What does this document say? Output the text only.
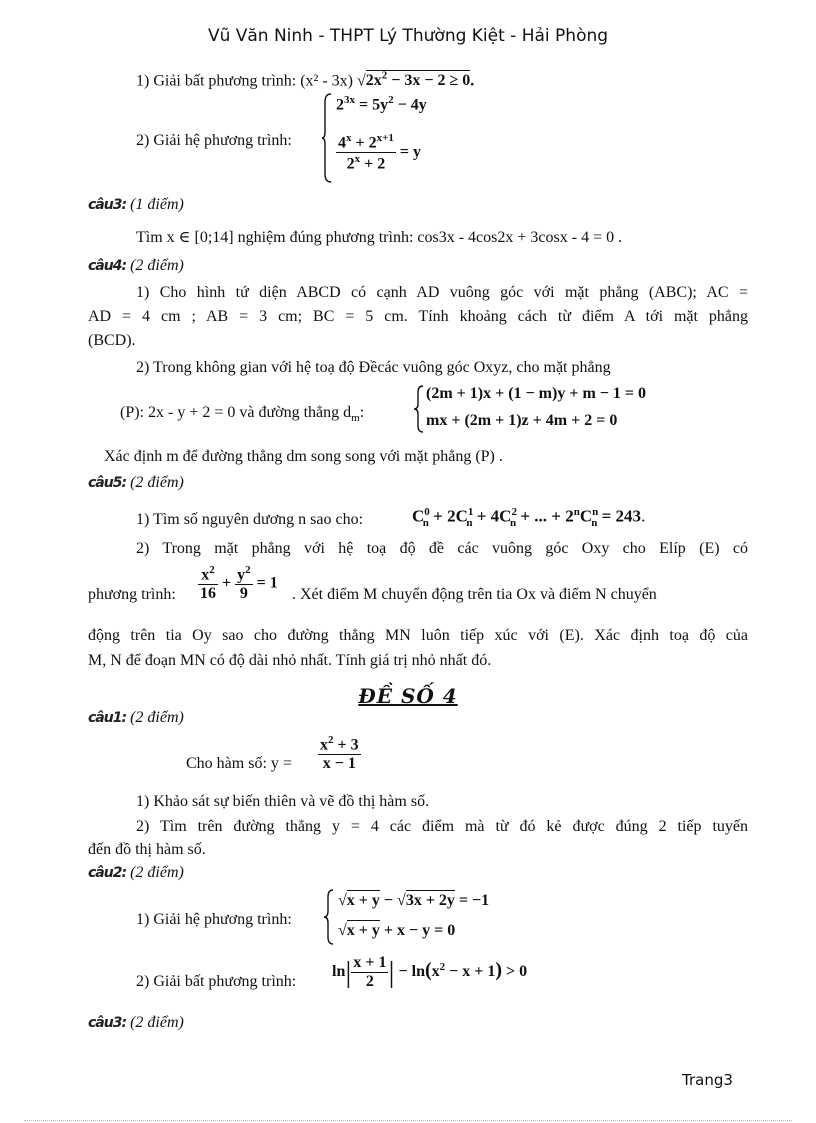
Vũ Văn Ninh - THPT Lý Thường Kiệt - Hải Phòng
1) Giải bất phương trình: (x² - 3x) $√2x^2 - 3x - 2 \ge 0$.
2) Giải hệ phương trình:
$2^{3x} = 5y^2 - 4y$
$\frac{4^x + 2^{x+1}}{2^x + 2} = y$
câu3: (1 điểm)
Tìm x ∈ [0;14] nghiệm đúng phương trình: cos3x - 4cos2x + 3cosx - 4 = 0 .
câu4: (2 điểm)
1) Cho hình tứ diện ABCD có cạnh AD vuông góc với mặt phẳng (ABC); AC =
AD = 4 cm ; AB = 3 cm; BC = 5 cm. Tính khoảng cách từ điểm A tới mặt phẳng
(BCD).
2) Trong không gian với hệ toạ độ Đềcác vuông góc Oxyz, cho mặt phẳng
(P): 2x - y + 2 = 0 và đường thẳng $d_m$:
(2m + 1)x + (1 − m)y + m − 1 = 0
mx + (2m + 1)z + 4m + 2 = 0
Xác định m để đường thẳng dm song song với mặt phẳng (P) .
câu5: (2 điểm)
1) Tìm số nguyên dương n sao cho:	$C^0_n + 2C^1_n + 4C^2_n$ + ... + $2^nC^n_n = 243$.
2) Trong mặt phẳng với hệ toạ độ đề các vuông góc Oxy cho Elíp (E) có
phương trình: $\frac{x^2}{16} + \frac{y^2}{9} = 1$
. Xét điểm M chuyển động trên tia Ox và điểm N chuyển
động trên tia Oy sao cho đường thẳng MN luôn tiếp xúc với (E). Xác định toạ độ của
M, N để đoạn MN có độ dài nhỏ nhất. Tính giá trị nhỏ nhất đó.
ĐỀ SỐ 4
câu1: (2 điểm)
Cho hàm số: $y = \frac{x^2 + 3}{x - 1}$
1) Khảo sát sự biến thiên và vẽ đồ thị hàm số.
2) Tìm trên đường thẳng y = 4 các điểm mà từ đó kẻ được đúng 2 tiếp tuyến
đến đồ thị hàm số.
câu2: (2 điểm)
1) Giải hệ phương trình:
√x + y − √3x + 2y = −1
√x + y + x − y = 0
2) Giải bất phương trình:
$\ln| \frac{x + 1}{2}$ | − $\ln(x^2 - x + 1) > 0$
câu3: (2 điểm)
Trang3
